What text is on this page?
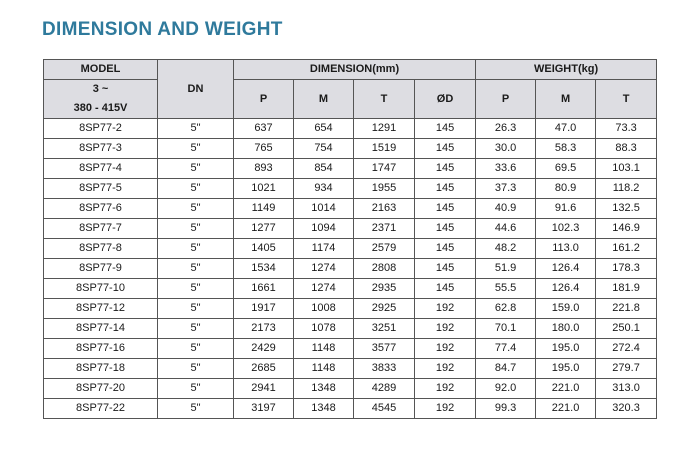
DIMENSION AND WEIGHT
MODEL	DN	DIMENSION(mm)				WEIGHT(kg)		

3 ~
380 - 415V		P	M	T	ØD	P	M	T
8SP77-2	5"	637	654	1291	145	26.3	47.0	73.3
8SP77-3	5"	765	754	1519	145	30.0	58.3	88.3
8SP77-4	5"	893	854	1747	145	33.6	69.5	103.1
8SP77-5	5"	1021	934	1955	145	37.3	80.9	118.2
8SP77-6	5"	1149	1014	2163	145	40.9	91.6	132.5
8SP77-7	5"	1277	1094	2371	145	44.6	102.3	146.9
8SP77-8	5"	1405	1174	2579	145	48.2	113.0	161.2
8SP77-9	5"	1534	1274	2808	145	51.9	126.4	178.3
8SP77-10	5"	1661	1274	2935	145	55.5	126.4	181.9
8SP77-12	5"	1917	1008	2925	192	62.8	159.0	221.8
8SP77-14	5"	2173	1078	3251	192	70.1	180.0	250.1
8SP77-16	5"	2429	1148	3577	192	77.4	195.0	272.4
8SP77-18	5"	2685	1148	3833	192	84.7	195.0	279.7
8SP77-20	5"	2941	1348	4289	192	92.0	221.0	313.0
8SP77-22	5"	3197	1348	4545	192	99.3	221.0	320.3
